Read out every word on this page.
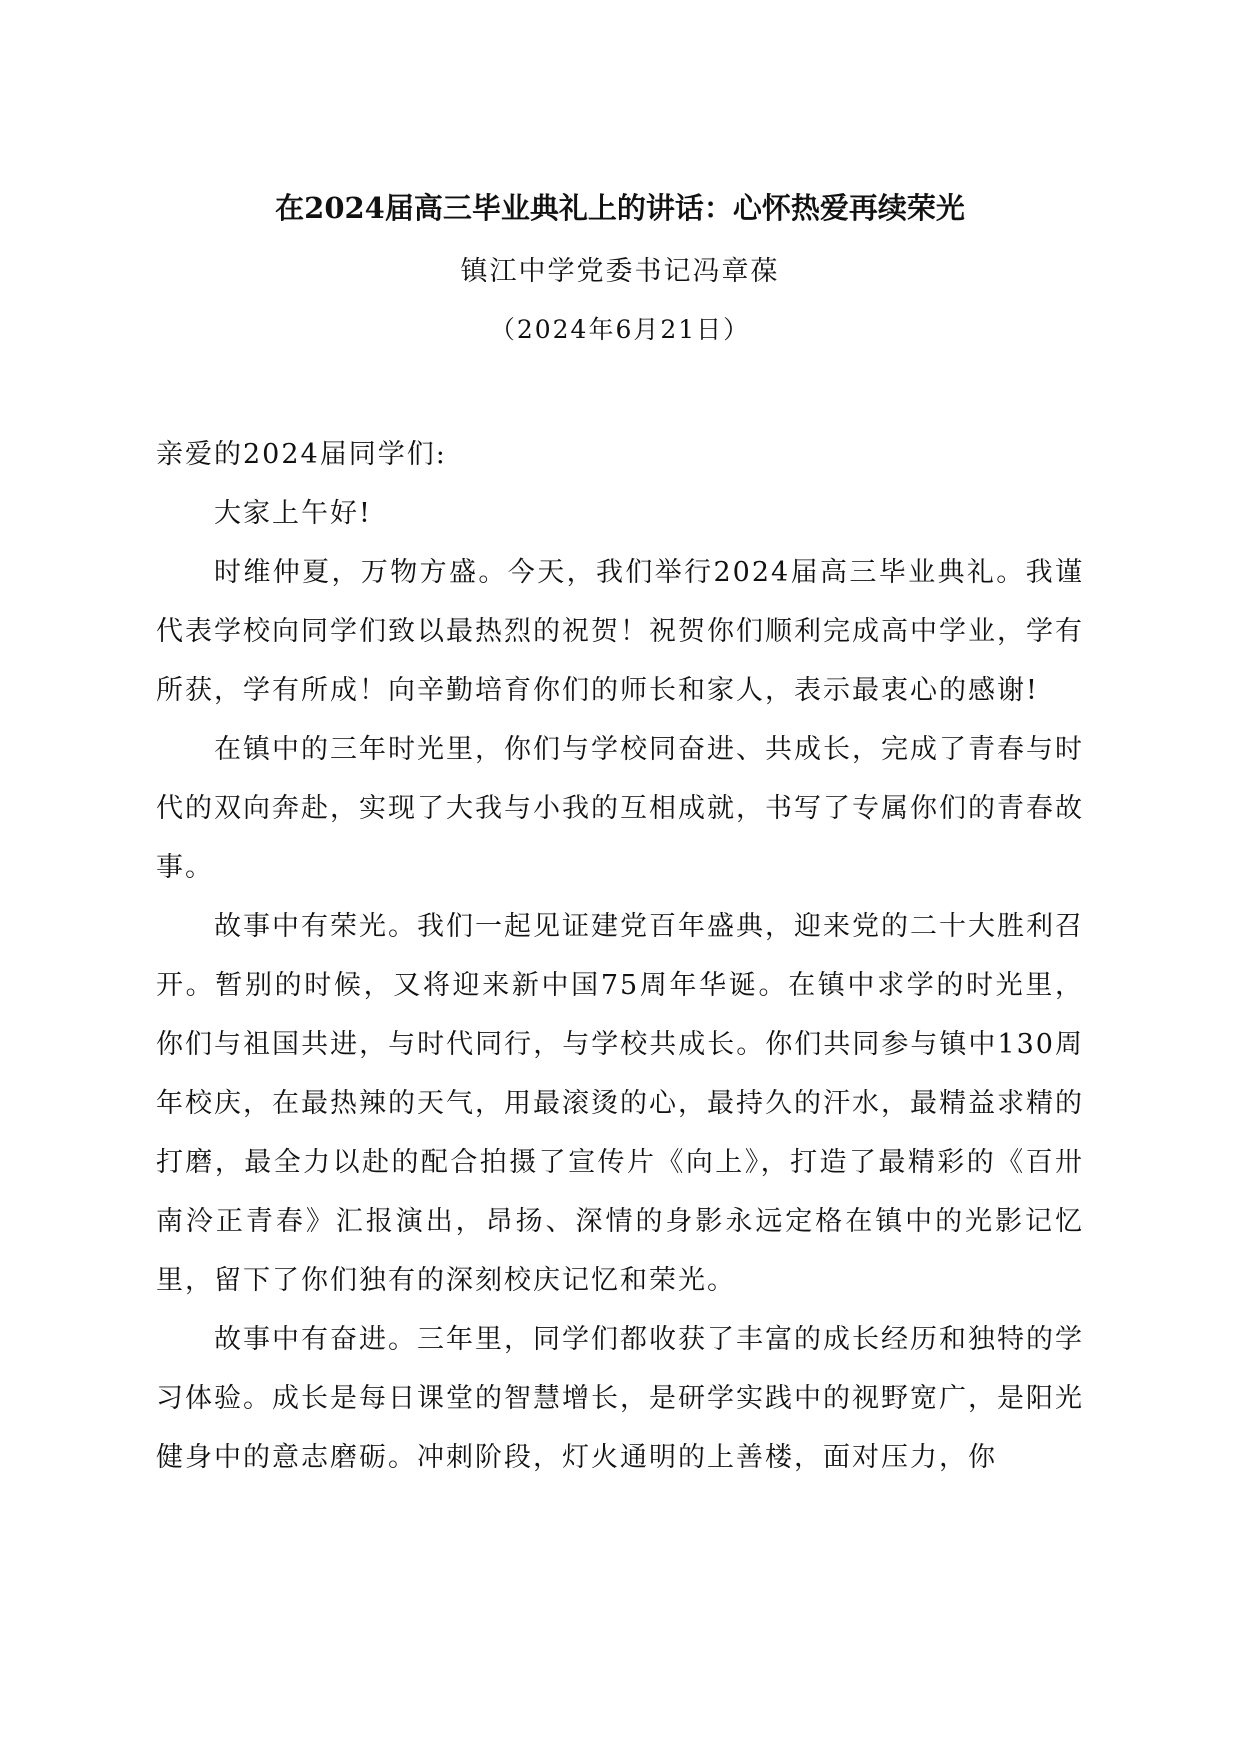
在2024届高三毕业典礼上的讲话：心怀热爱再续荣光
镇江中学党委书记冯章葆
（2024年6月21日）

亲爱的2024届同学们:

大家上午好!

时维仲夏，万物方盛。今天，我们举行2024届高三毕业典礼。我谨代表学校向同学们致以最热烈的祝贺！祝贺你们顺利完成高中学业，学有所获，学有所成！向辛勤培育你们的师长和家人，表示最衷心的感谢!

在镇中的三年时光里，你们与学校同奋进、共成长，完成了青春与时代的双向奔赴，实现了大我与小我的互相成就，书写了专属你们的青春故事。

故事中有荣光。我们一起见证建党百年盛典，迎来党的二十大胜利召开。暂别的时候，又将迎来新中国75周年华诞。在镇中求学的时光里，你们与祖国共进，与时代同行，与学校共成长。你们共同参与镇中130周年校庆，在最热辣的天气，用最滚烫的心，最持久的汗水，最精益求精的打磨，最全力以赴的配合拍摄了宣传片《向上》，打造了最精彩的《百卅南泠正青春》汇报演出，昂扬、深情的身影永远定格在镇中的光影记忆里，留下了你们独有的深刻校庆记忆和荣光。

故事中有奋进。三年里，同学们都收获了丰富的成长经历和独特的学习体验。成长是每日课堂的智慧增长，是研学实践中的视野宽广，是阳光健身中的意志磨砺。冲刺阶段，灯火通明的上善楼，面对压力，你
